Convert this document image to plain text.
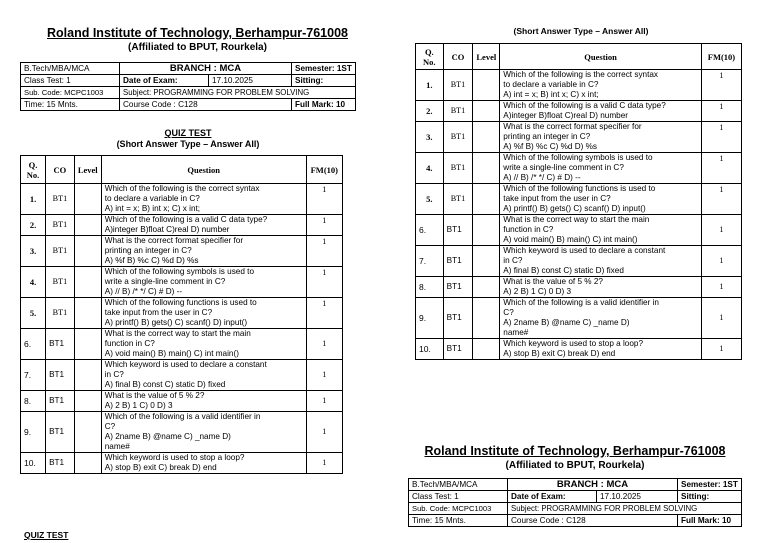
Roland Institute of Technology, Berhampur-761008
(Affiliated to BPUT, Rourkela)
B.Tech/MBA/MCA	BRANCH : MCA		Semester: 1ST
Class Test: 1	Date of Exam:	17.10.2025	Sitting:
Sub. Code: MCPC1003	Subject: PROGRAMMING FOR PROBLEM SOLVING		
Time: 15 Mnts.	Course Code : C128		Full Mark: 10
QUIZ TEST
(Short Answer Type – Answer All)
Q. No.	CO	Level	Question	FM(10)
1.	BT1		Which of the following is the correct syntax
to declare a variable in C?
A) int = x; B) int x; C) x int;	1
2.	BT1		Which of the following is a valid C data type?
A)integer B)float C)real D) number	1
3.	BT1		What is the correct format specifier for
printing an integer in C?
A) %f B) %c C) %d D) %s	1
4.	BT1		Which of the following symbols is used to
write a single-line comment in C?
A) // B) /* */ C) # D) --	1
5.	BT1		Which of the following functions is used to
take input from the user in C?
A) printf() B) gets() C) scanf() D) input()	1
6.	BT1		What is the correct way to start the main
function in C?
A) void main() B) main() C) int main()	1
7.	BT1		Which keyword is used to declare a constant
in C?
A) final B) const C) static D) fixed	1
8.	BT1		What is the value of 5 % 2?
A) 2 B) 1 C) 0 D) 3	1
9.	BT1		Which of the following is a valid identifier in
C?
A) 2name B) @name C) _name D)
name#	1
10.	BT1		Which keyword is used to stop a loop?
A) stop B) exit C) break D) end	1
QUIZ TEST
(Short Answer Type – Answer All)
Q. No.	CO	Level	Question	FM(10)
1.	BT1		Which of the following is the correct syntax
to declare a variable in C?
A) int = x; B) int x; C) x int;	1
2.	BT1		Which of the following is a valid C data type?
A)integer B)float C)real D) number	1
3.	BT1		What is the correct format specifier for
printing an integer in C?
A) %f B) %c C) %d D) %s	1
4.	BT1		Which of the following symbols is used to
write a single-line comment in C?
A) // B) /* */ C) # D) --	1
5.	BT1		Which of the following functions is used to
take input from the user in C?
A) printf() B) gets() C) scanf() D) input()	1
6.	BT1		What is the correct way to start the main
function in C?
A) void main() B) main() C) int main()	1
7.	BT1		Which keyword is used to declare a constant
in C?
A) final B) const C) static D) fixed	1
8.	BT1		What is the value of 5 % 2?
A) 2 B) 1 C) 0 D) 3	1
9.	BT1		Which of the following is a valid identifier in
C?
A) 2name B) @name C) _name D)
name#	1
10.	BT1		Which keyword is used to stop a loop?
A) stop B) exit C) break D) end	1
Roland Institute of Technology, Berhampur-761008
(Affiliated to BPUT, Rourkela)
B.Tech/MBA/MCA	BRANCH : MCA		Semester: 1ST
Class Test: 1	Date of Exam:	17.10.2025	Sitting:
Sub. Code: MCPC1003	Subject: PROGRAMMING FOR PROBLEM SOLVING		
Time: 15 Mnts.	Course Code : C128		Full Mark: 10
